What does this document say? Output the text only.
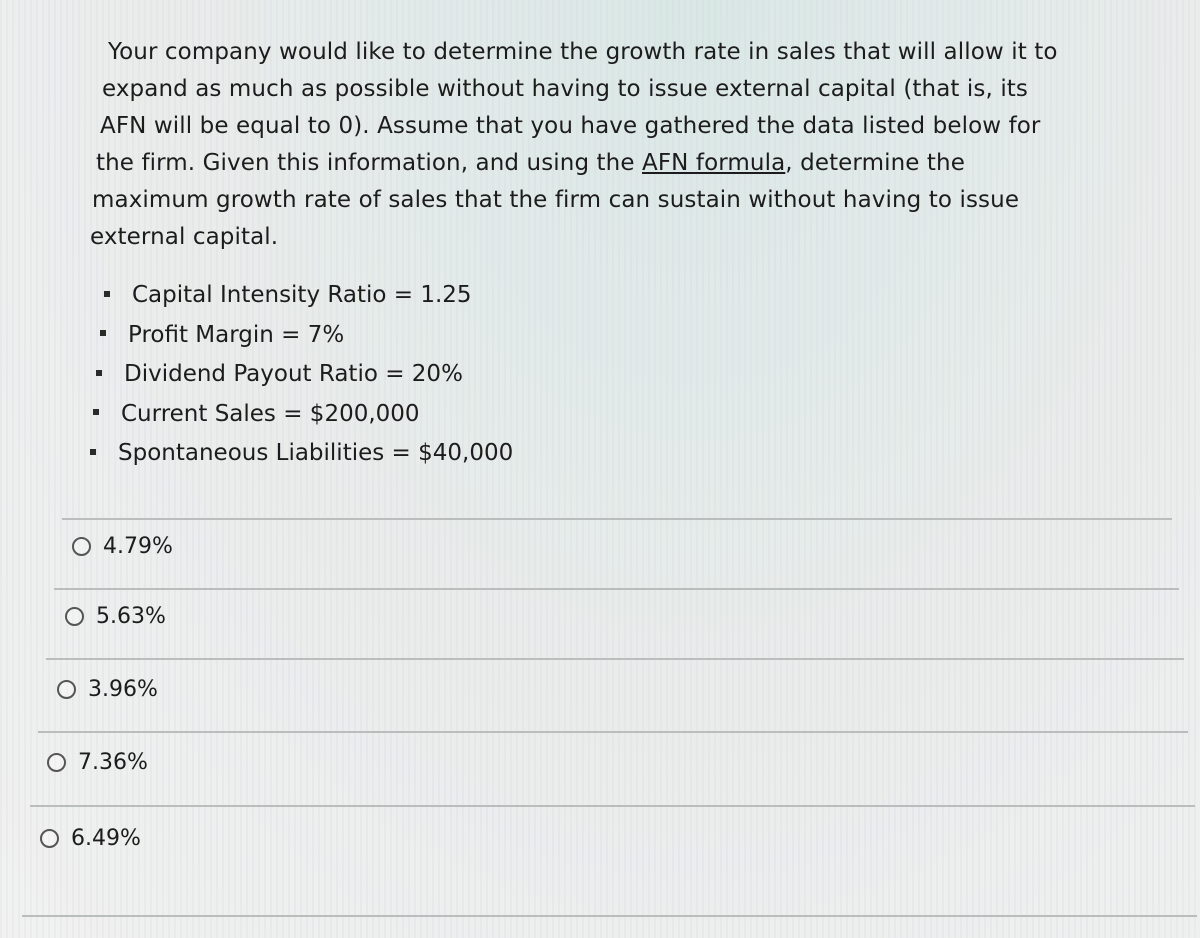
Your company would like to determine the growth rate in sales that will allow it to
expand as much as possible without having to issue external capital (that is, its
AFN will be equal to 0). Assume that you have gathered the data listed below for
the firm. Given this information, and using the AFN formula, determine the
maximum growth rate of sales that the firm can sustain without having to issue
external capital.
Capital Intensity Ratio = 1.25
Profit Margin = 7%
Dividend Payout Ratio = 20%
Current Sales = $200,000
Spontaneous Liabilities = $40,000
4.79%
5.63%
3.96%
7.36%
6.49%
